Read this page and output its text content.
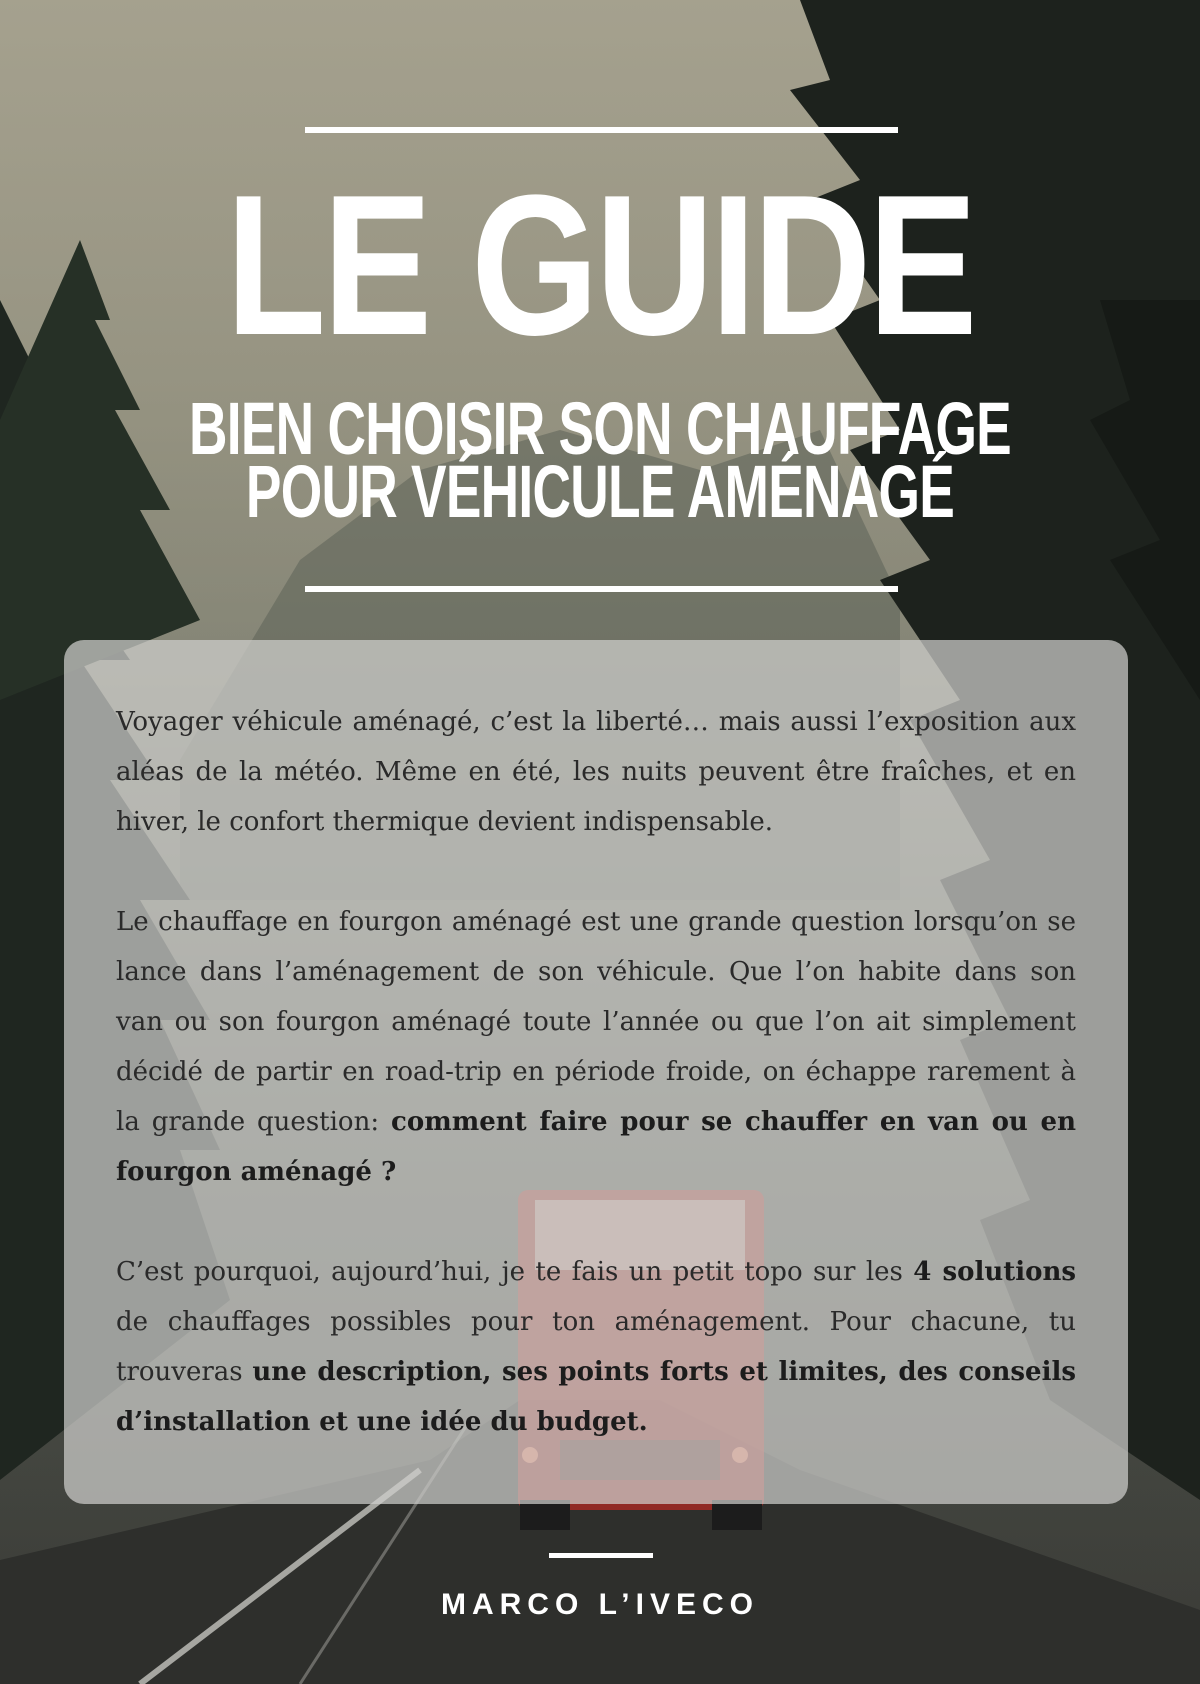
LE GUIDE
BIEN CHOISIR SON CHAUFFAGE
POUR VÉHICULE AMÉNAGÉ

Voyager véhicule aménagé, c’est la liberté… mais aussi l’exposition aux aléas de la météo. Même en été, les nuits peuvent être fraîches, et en hiver, le confort thermique devient indispensable.

Le chauffage en fourgon aménagé est une grande question lorsqu’on se lance dans l’aménagement de son véhicule. Que l’on habite dans son van ou son fourgon aménagé toute l’année ou que l’on ait simplement décidé de partir en road-trip en période froide, on échappe rarement à la grande question: comment faire pour se chauffer en van ou en fourgon aménagé ?

C’est pourquoi, aujourd’hui, je te fais un petit topo sur les 4 solutions de chauffages possibles pour ton aménagement. Pour chacune, tu trouveras une description, ses points forts et limites, des conseils d’installation et une idée du budget.

MARCO L’IVECO
